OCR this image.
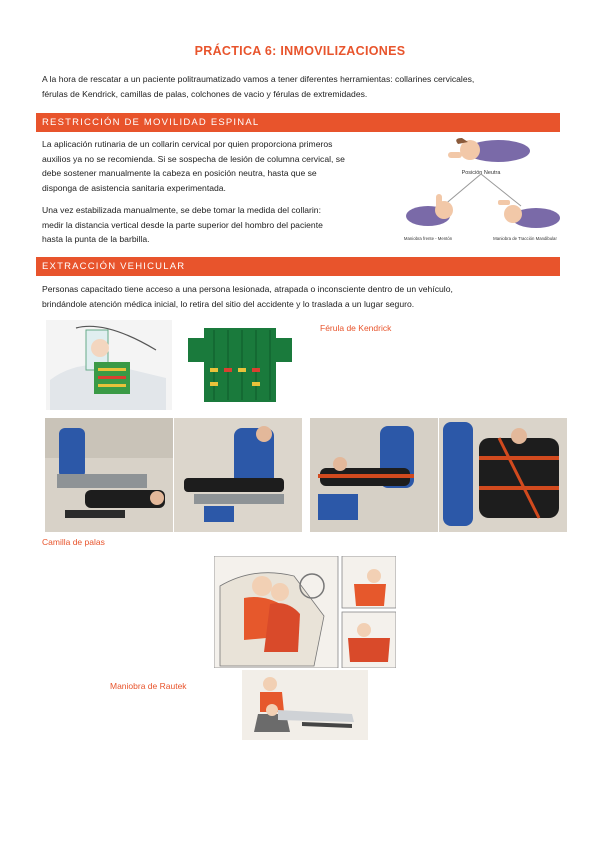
PRÁCTICA 6: INMOVILIZACIONES
A la hora de rescatar a un paciente politraumatizado vamos a tener diferentes herramientas: collarines cervicales,
férulas de Kendrick, camillas de palas, colchones de vacio y férulas de extremidades.
RESTRICCIÓN DE MOVILIDAD ESPINAL
La aplicación rutinaria de un collarin cervical por quien proporciona primeros
auxilios ya no se recomienda. Si se sospecha de lesión de columna cervical, se
debe sostener manualmente la cabeza en posición neutra, hasta que se
disponga de asistencia sanitaria experimentada.
Una vez estabilizada manualmente, se debe tomar la medida del collarin:
medir la distancia vertical desde la parte superior del hombro del paciente
hasta la punta de la barbilla.
Posición Neutra
Maniobra frente - Mentón	Maniobra de Tracción Mandibular
EXTRACCIÓN VEHICULAR
Personas capacitado tiene acceso a una persona lesionada, atrapada o inconsciente dentro de un vehículo,
brindándole atención médica inicial, lo retira del sitio del accidente y lo traslada a un lugar seguro.
Férula de Kendrick
Camilla de palas
Maniobra de Rautek
